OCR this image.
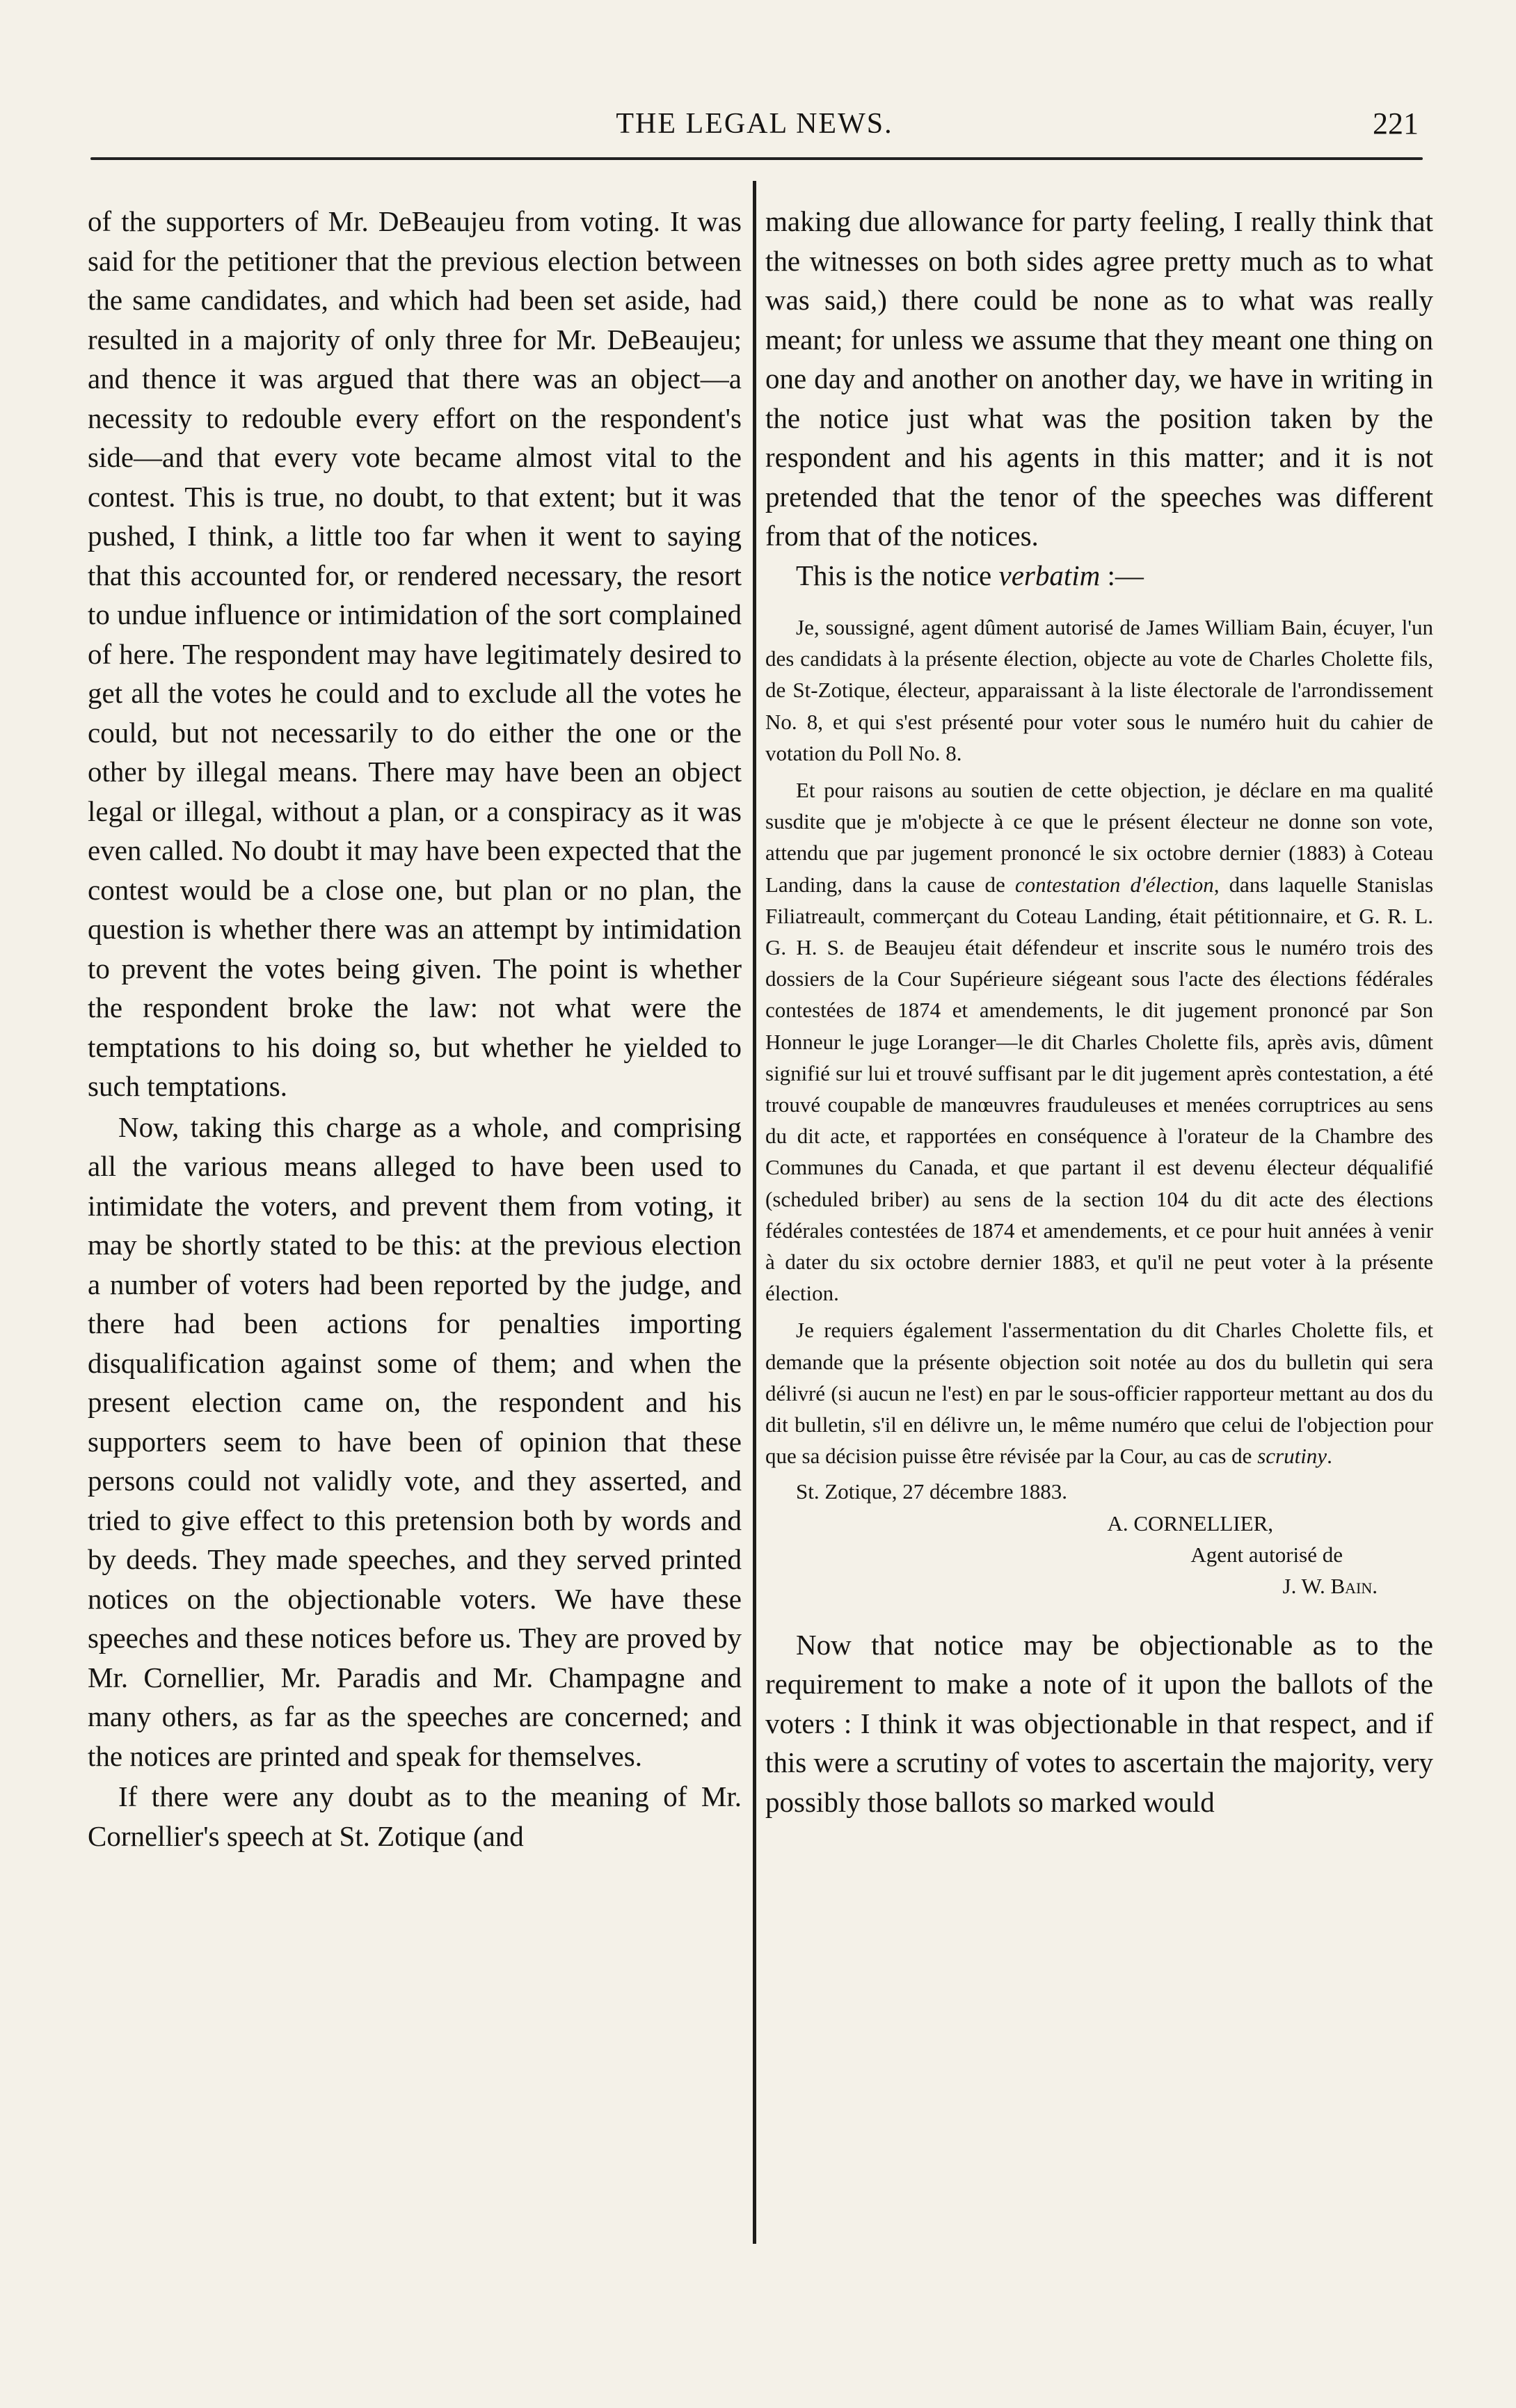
THE LEGAL NEWS.	221

of the supporters of Mr. DeBeaujeu from voting. It was said for the petitioner that the previous election between the same candidates, and which had been set aside, had resulted in a majority of only three for Mr. DeBeaujeu; and thence it was argued that there was an object—a necessity to redouble every effort on the respondent's side—and that every vote became almost vital to the contest. This is true, no doubt, to that extent; but it was pushed, I think, a little too far when it went to saying that this accounted for, or rendered necessary, the resort to undue influence or intimidation of the sort complained of here. The respondent may have legitimately desired to get all the votes he could and to exclude all the votes he could, but not necessarily to do either the one or the other by illegal means. There may have been an object legal or illegal, without a plan, or a conspiracy as it was even called. No doubt it may have been expected that the contest would be a close one, but plan or no plan, the question is whether there was an attempt by intimidation to prevent the votes being given. The point is whether the respondent broke the law: not what were the temptations to his doing so, but whether he yielded to such temptations.

Now, taking this charge as a whole, and comprising all the various means alleged to have been used to intimidate the voters, and prevent them from voting, it may be shortly stated to be this: at the previous election a number of voters had been reported by the judge, and there had been actions for penalties importing disqualification against some of them; and when the present election came on, the respondent and his supporters seem to have been of opinion that these persons could not validly vote, and they asserted, and tried to give effect to this pretension both by words and by deeds. They made speeches, and they served printed notices on the objectionable voters. We have these speeches and these notices before us. They are proved by Mr. Cornellier, Mr. Paradis and Mr. Champagne and many others, as far as the speeches are concerned; and the notices are printed and speak for themselves.

If there were any doubt as to the meaning of Mr. Cornellier's speech at St. Zotique (and

making due allowance for party feeling, I really think that the witnesses on both sides agree pretty much as to what was said,) there could be none as to what was really meant; for unless we assume that they meant one thing on one day and another on another day, we have in writing in the notice just what was the position taken by the respondent and his agents in this matter; and it is not pretended that the tenor of the speeches was different from that of the notices.

This is the notice verbatim :—

Je, soussigné, agent dûment autorisé de James William Bain, écuyer, l'un des candidats à la présente élection, objecte au vote de Charles Cholette fils, de St-Zotique, électeur, apparaissant à la liste électorale de l'arrondissement No. 8, et qui s'est présenté pour voter sous le numéro huit du cahier de votation du Poll No. 8.

Et pour raisons au soutien de cette objection, je déclare en ma qualité susdite que je m'objecte à ce que le présent électeur ne donne son vote, attendu que par jugement prononcé le six octobre dernier (1883) à Coteau Landing, dans la cause de contestation d'élection, dans laquelle Stanislas Filiatreault, commerçant du Coteau Landing, était pétitionnaire, et G. R. L. G. H. S. de Beaujeu était défendeur et inscrite sous le numéro trois des dossiers de la Cour Supérieure siégeant sous l'acte des élections fédérales contestées de 1874 et amendements, le dit jugement prononcé par Son Honneur le juge Loranger—le dit Charles Cholette fils, après avis, dûment signifié sur lui et trouvé suffisant par le dit jugement après contestation, a été trouvé coupable de manœuvres frauduleuses et menées corruptrices au sens du dit acte, et rapportées en conséquence à l'orateur de la Chambre des Communes du Canada, et que partant il est devenu électeur déqualifié (scheduled briber) au sens de la section 104 du dit acte des élections fédérales contestées de 1874 et amendements, et ce pour huit années à venir à dater du six octobre dernier 1883, et qu'il ne peut voter à la présente élection.

Je requiers également l'assermentation du dit Charles Cholette fils, et demande que la présente objection soit notée au dos du bulletin qui sera délivré (si aucun ne l'est) en par le sous-officier rapporteur mettant au dos du dit bulletin, s'il en délivre un, le même numéro que celui de l'objection pour que sa décision puisse être révisée par la Cour, au cas de scrutiny.

St. Zotique, 27 décembre 1883.

A. CORNELLIER,

Agent autorisé de

J. W. Bain.

Now that notice may be objectionable as to the requirement to make a note of it upon the ballots of the voters : I think it was objectionable in that respect, and if this were a scrutiny of votes to ascertain the majority, very possibly those ballots so marked would
